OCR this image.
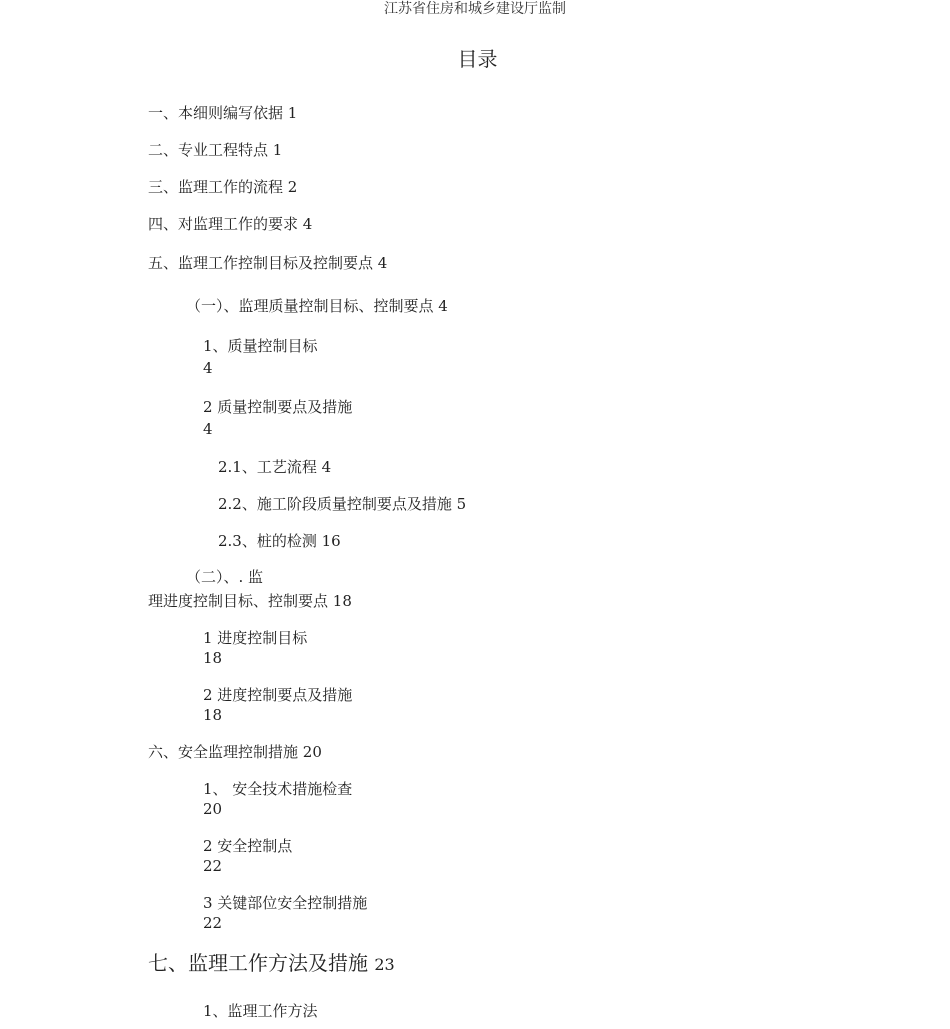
江苏省住房和城乡建设厅监制
目录
一、本细则编写依据 1
二、专业工程特点 1
三、监理工作的流程 2
四、对监理工作的要求 4
五、监理工作控制目标及控制要点 4
（一）、监理质量控制目标、控制要点 4
1、质量控制目标
4
2 质量控制要点及措施
4
2.1、工艺流程 4
2.2、施工阶段质量控制要点及措施 5
2.3、桩的检测 16
（二）、. 监
理进度控制目标、控制要点 18
1 进度控制目标
18
2 进度控制要点及措施
18
六、安全监理控制措施 20
1、 安全技术措施检查
20
2 安全控制点
22
3 关键部位安全控制措施
22
七、监理工作方法及措施 23
1、监理工作方法
